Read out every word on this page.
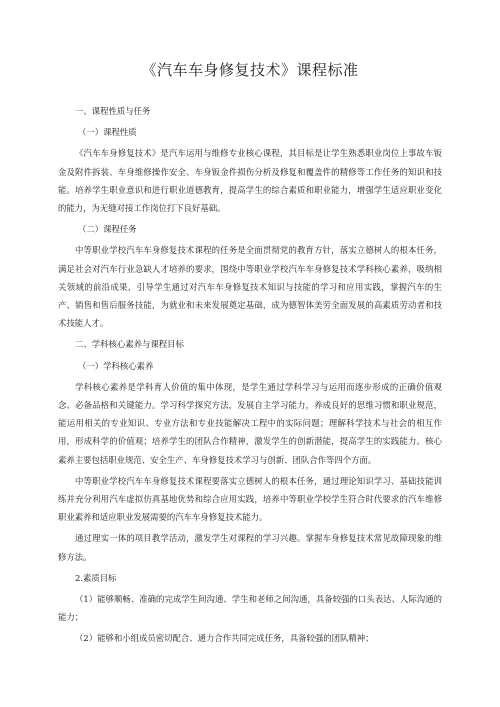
《汽车车身修复技术》课程标准

一、课程性质与任务

（一）课程性质

《汽车车身修复技术》是汽车运用与维修专业核心课程，其目标是让学生熟悉职业岗位上事故车钣金及附件拆装、车身维修操作安全、车身钣金件损伤分析及修复和覆盖件的精修等工作任务的知识和技能。培养学生职业意识和进行职业道德教育，提高学生的综合素质和职业能力，增强学生适应职业变化的能力，为无缝对接工作岗位打下良好基础。

（二）课程任务

中等职业学校汽车车身修复技术课程的任务是全面贯彻党的教育方针，落实立德树人的根本任务，满足社会对汽车行业急缺人才培养的要求，围绕中等职业学校汽车车身修复技术学科核心素养，吸纳相关领域的前沿成果，引导学生通过对汽车车身修复技术知识与技能的学习和应用实践，掌握汽车的生产、销售和售后服务技能，为就业和未来发展奠定基础，成为德智体美劳全面发展的高素质劳动者和技术技能人才。

二、学科核心素养与课程目标

（一）学科核心素养

学科核心素养是学科育人价值的集中体现，是学生通过学科学习与运用而逐步形成的正确价值观念、必备品格和关键能力。学习科学探究方法，发展自主学习能力，养成良好的思维习惯和职业规范，能运用相关的专业知识、专业方法和专业技能解决工程中的实际问题；理解科学技术与社会的相互作用，形成科学的价值观；培养学生的团队合作精神，激发学生的创新潜能，提高学生的实践能力。核心素养主要包括职业规范、安全生产、车身修复技术学习与创新、团队合作等四个方面。

中等职业学校汽车车身修复技术课程要落实立德树人的根本任务，通过理论知识学习、基础技能训练并充分利用汽车虚拟仿真基地优势和综合应用实践，培养中等职业学校学生符合时代要求的汽车维修职业素养和适应职业发展需要的汽车车身修复技术能力。

通过理实一体的项目教学活动，激发学生对课程的学习兴趣。掌握车身修复技术常见故障现象的维修方法。

2.素质目标

（1）能够顺畅、准确的完成学生间沟通、学生和老师之间沟通，具备较强的口头表达、人际沟通的能力；

（2）能够和小组成员密切配合、通力合作共同完成任务，具备较强的团队精神；
